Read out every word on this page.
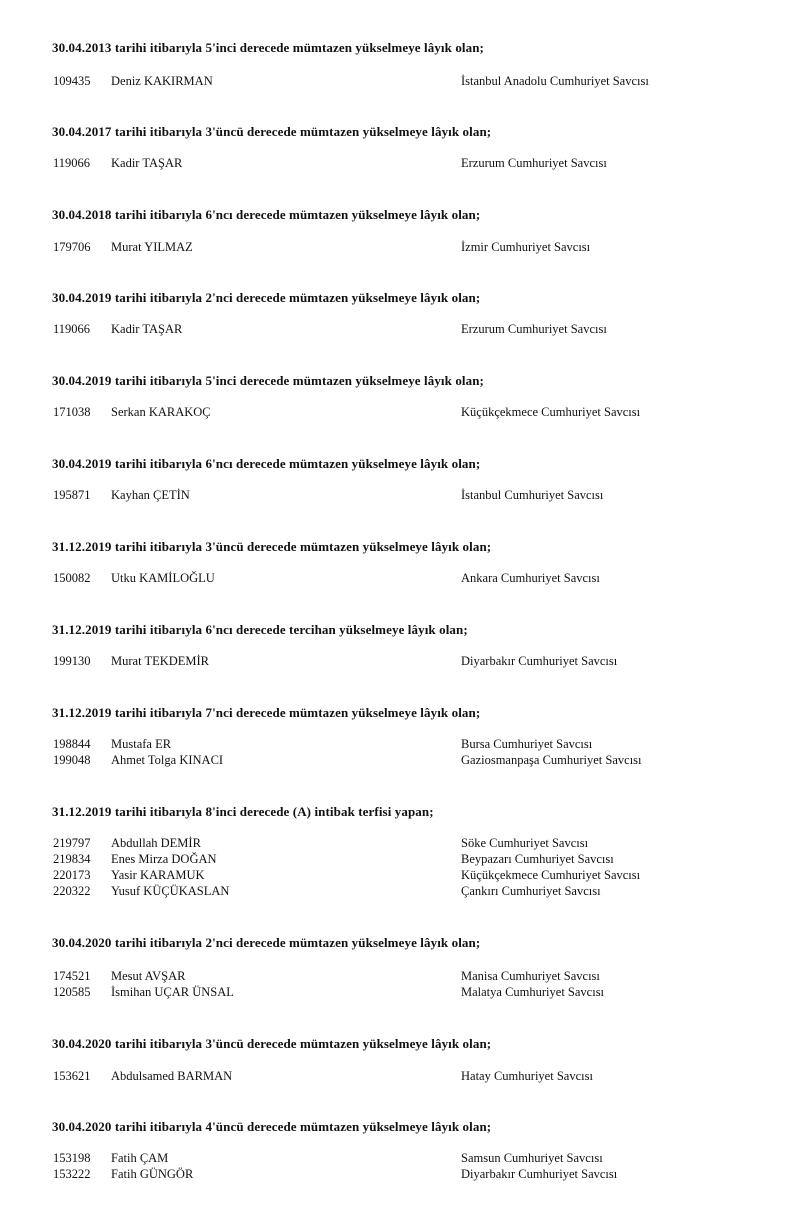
30.04.2013 tarihi itibarıyla 5'inci derecede mümtazen yükselmeye lâyık olan;
109435 Deniz KAKIRMAN	İstanbul Anadolu Cumhuriyet Savcısı
30.04.2017 tarihi itibarıyla 3'üncü derecede mümtazen yükselmeye lâyık olan;
119066 Kadir TAŞAR	Erzurum Cumhuriyet Savcısı
30.04.2018 tarihi itibarıyla 6'ncı derecede mümtazen yükselmeye lâyık olan;
179706 Murat YILMAZ	İzmir Cumhuriyet Savcısı
30.04.2019 tarihi itibarıyla 2'nci derecede mümtazen yükselmeye lâyık olan;
119066 Kadir TAŞAR	Erzurum Cumhuriyet Savcısı
30.04.2019 tarihi itibarıyla 5'inci derecede mümtazen yükselmeye lâyık olan;
171038 Serkan KARAKOÇ	Küçükçekmece Cumhuriyet Savcısı
30.04.2019 tarihi itibarıyla 6'ncı derecede mümtazen yükselmeye lâyık olan;
195871 Kayhan ÇETİN	İstanbul Cumhuriyet Savcısı
31.12.2019 tarihi itibarıyla 3'üncü derecede mümtazen yükselmeye lâyık olan;
150082 Utku KAMİLOĞLU	Ankara Cumhuriyet Savcısı
31.12.2019 tarihi itibarıyla 6'ncı derecede tercihan yükselmeye lâyık olan;
199130 Murat TEKDEMİR	Diyarbakır Cumhuriyet Savcısı
31.12.2019 tarihi itibarıyla 7'nci derecede mümtazen yükselmeye lâyık olan;
198844 Mustafa ER	Bursa Cumhuriyet Savcısı
199048 Ahmet Tolga KINACI	Gaziosmanpaşa Cumhuriyet Savcısı
31.12.2019 tarihi itibarıyla 8'inci derecede (A) intibak terfisi yapan;
219797 Abdullah DEMİR	Söke Cumhuriyet Savcısı
219834 Enes Mirza DOĞAN	Beypazarı Cumhuriyet Savcısı
220173 Yasir KARAMUK	Küçükçekmece Cumhuriyet Savcısı
220322 Yusuf KÜÇÜKASLAN	Çankırı Cumhuriyet Savcısı
30.04.2020 tarihi itibarıyla 2'nci derecede mümtazen yükselmeye lâyık olan;
174521 Mesut AVŞAR	Manisa Cumhuriyet Savcısı
120585 İsmihan UÇAR ÜNSAL	Malatya Cumhuriyet Savcısı
30.04.2020 tarihi itibarıyla 3'üncü derecede mümtazen yükselmeye lâyık olan;
153621 Abdulsamed BARMAN	Hatay Cumhuriyet Savcısı
30.04.2020 tarihi itibarıyla 4'üncü derecede mümtazen yükselmeye lâyık olan;
153198 Fatih ÇAM	Samsun Cumhuriyet Savcısı
153222 Fatih GÜNGÖR	Diyarbakır Cumhuriyet Savcısı
